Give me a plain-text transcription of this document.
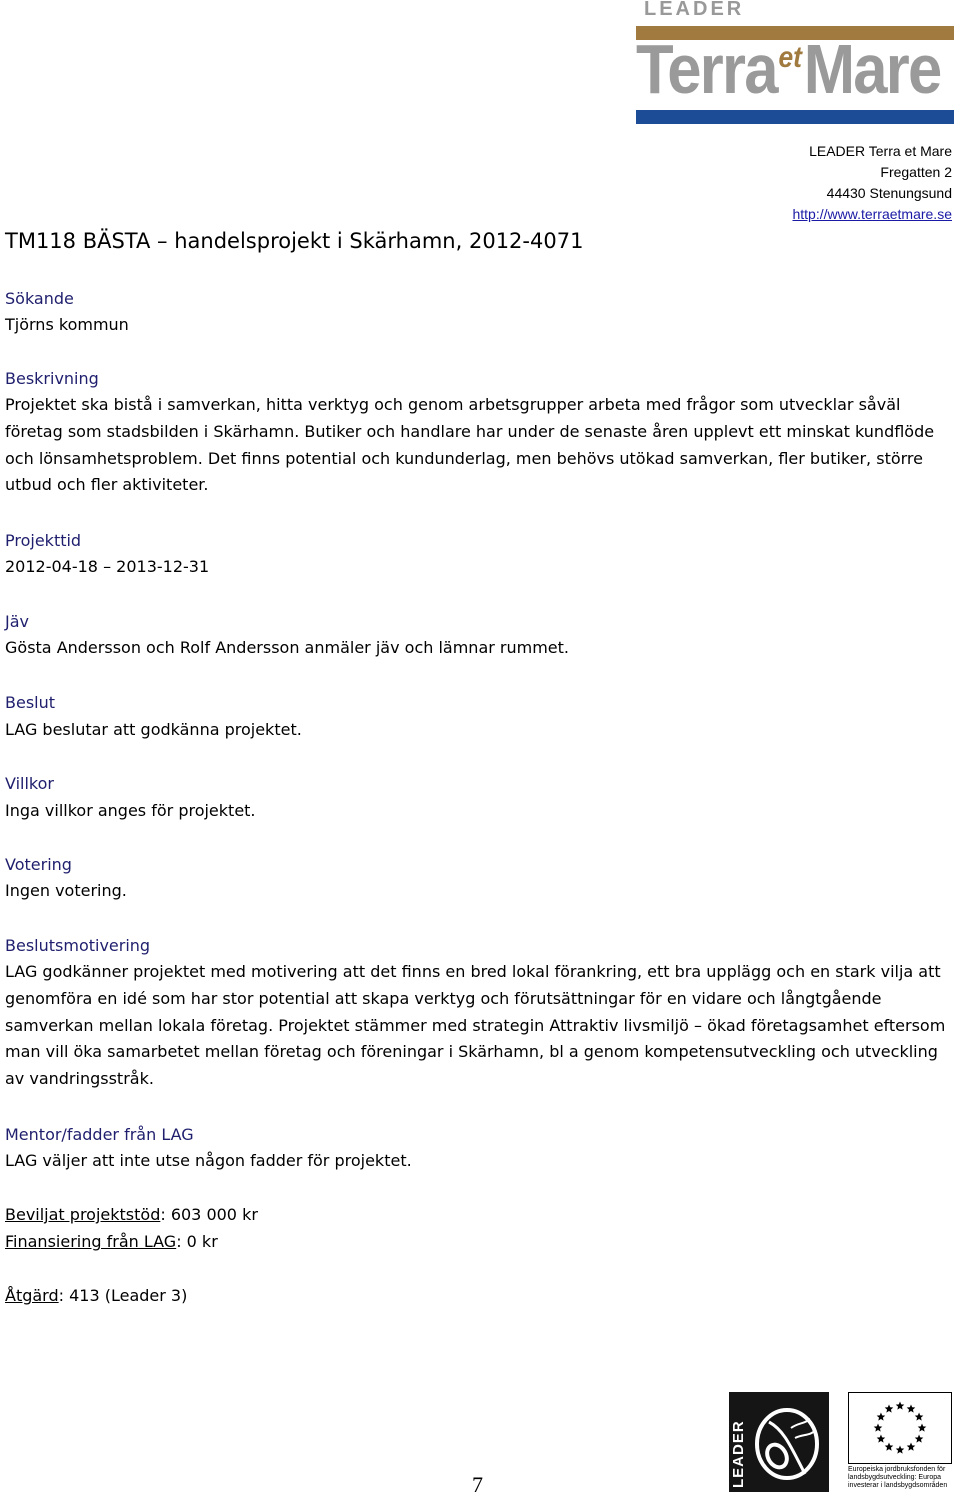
LEADER
Terra$^{et}$Mare
LEADER Terra et Mare
Fregatten 2
44430 Stenungsund
http://www.terraetmare.se
TM118 BÄSTA – handelsprojekt i Skärhamn, 2012-4071
Sökande

Tjörns kommun

Beskrivning

Projektet ska bistå i samverkan, hitta verktyg och genom arbetsgrupper arbeta med frågor som utvecklar såväl företag som stadsbilden i Skärhamn. Butiker och handlare har under de senaste åren upplevt ett minskat kundflöde och lönsamhetsproblem. Det finns potential och kundunderlag, men behövs utökad samverkan, fler butiker, större utbud och fler aktiviteter.

Projekttid

2012-04-18 – 2013-12-31

Jäv

Gösta Andersson och Rolf Andersson anmäler jäv och lämnar rummet.

Beslut

LAG beslutar att godkänna projektet.

Villkor

Inga villkor anges för projektet.

Votering

Ingen votering.

Beslutsmotivering

LAG godkänner projektet med motivering att det finns en bred lokal förankring, ett bra upplägg och en stark vilja att genomföra en idé som har stor potential att skapa verktyg och förutsättningar för en vidare och långtgående samverkan mellan lokala företag. Projektet stämmer med strategin Attraktiv livsmiljö – ökad företagsamhet eftersom man vill öka samarbetet mellan företag och föreningar i Skärhamn, bl a genom kompetensutveckling och utveckling av vandringsstråk.

Mentor/fadder från LAG

LAG väljer att inte utse någon fadder för projektet.

Beviljat projektstöd: 603 000 kr

Finansiering från LAG: 0 kr

Åtgärd: 413 (Leader 3)

7	LEADER	Europeiska jordbruksfonden för landsbygdsutveckling: Europa investerar i landsbygdsområden
